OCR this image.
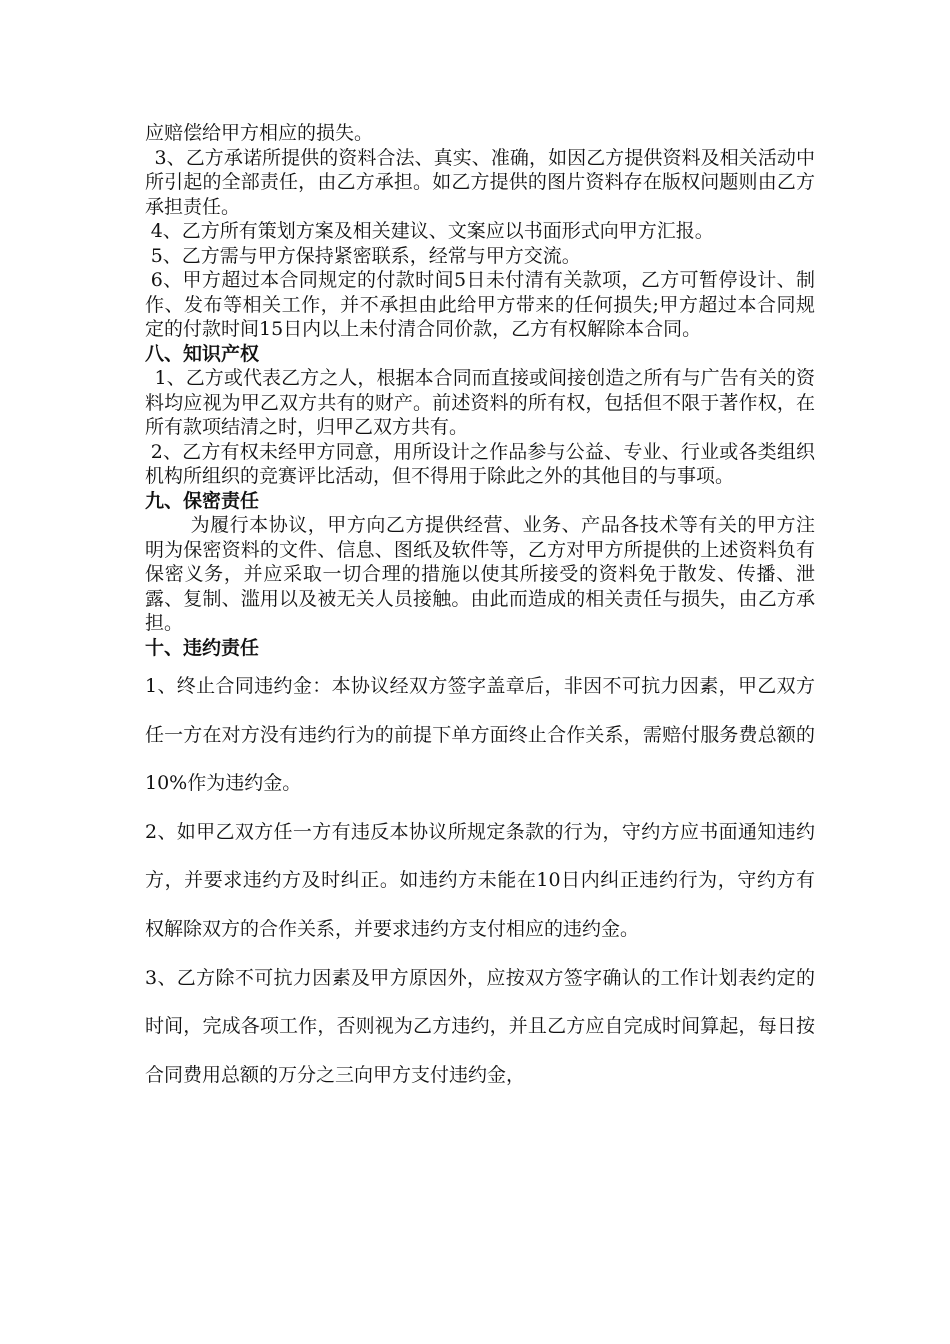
应赔偿给甲方相应的损失。

3、乙方承诺所提供的资料合法、真实、准确，如因乙方提供资料及相关活动中所引起的全部责任，由乙方承担。如乙方提供的图片资料存在版权问题则由乙方承担责任。

4、乙方所有策划方案及相关建议、文案应以书面形式向甲方汇报。

5、乙方需与甲方保持紧密联系，经常与甲方交流。

6、甲方超过本合同规定的付款时间5日未付清有关款项，乙方可暂停设计、制作、发布等相关工作，并不承担由此给甲方带来的任何损失;甲方超过本合同规定的付款时间15日内以上未付清合同价款，乙方有权解除本合同。

八、知识产权

1、乙方或代表乙方之人，根据本合同而直接或间接创造之所有与广告有关的资料均应视为甲乙双方共有的财产。前述资料的所有权，包括但不限于著作权，在所有款项结清之时，归甲乙双方共有。

2、乙方有权未经甲方同意，用所设计之作品参与公益、专业、行业或各类组织机构所组织的竞赛评比活动，但不得用于除此之外的其他目的与事项。

九、保密责任

为履行本协议，甲方向乙方提供经营、业务、产品各技术等有关的甲方注明为保密资料的文件、信息、图纸及软件等，乙方对甲方所提供的上述资料负有保密义务，并应采取一切合理的措施以使其所接受的资料免于散发、传播、泄露、复制、滥用以及被无关人员接触。由此而造成的相关责任与损失，由乙方承担。

十、违约责任

1、终止合同违约金：本协议经双方签字盖章后，非因不可抗力因素，甲乙双方任一方在对方没有违约行为的前提下单方面终止合作关系，需赔付服务费总额的10%作为违约金。

2、如甲乙双方任一方有违反本协议所规定条款的行为，守约方应书面通知违约方，并要求违约方及时纠正。如违约方未能在10日内纠正违约行为，守约方有权解除双方的合作关系，并要求违约方支付相应的违约金。

3、乙方除不可抗力因素及甲方原因外，应按双方签字确认的工作计划表约定的时间，完成各项工作，否则视为乙方违约，并且乙方应自完成时间算起，每日按合同费用总额的万分之三向甲方支付违约金，
